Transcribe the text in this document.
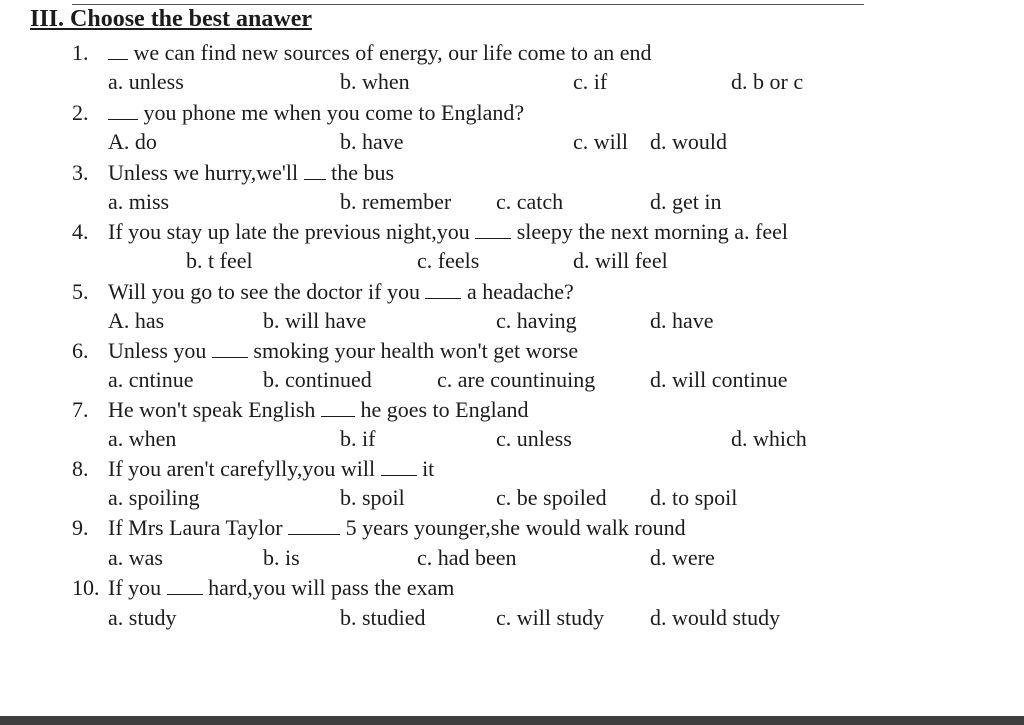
III. Choose the best anawer
1.	we can find new sources of energy, our life come to an end
a. unless	b. when	c. if	d. b or c
2.	you phone me when you come to England?
A. do	b. have	c. will d. would
3. Unless we hurry,we'll  the bus
a. miss	b. remember c. catch	d. get in
4. If you stay up late the previous night,you  sleepy the next morning a. feel
b. t feel	c. feels	d. will feel
5. Will you go to see the doctor if you  a headache?
A. has	b. will have	c. having	d. have
6. Unless you  smoking your health won't get worse
a. cntinue	b. continued	c. are countinuing d. will continue
7. He won't speak English  he goes to England
a. when	b. if	c. unless	d. which
8. If you aren't carefylly,you will  it
a. spoiling	b. spoil	c. be spoiled d. to spoil
9. If Mrs Laura Taylor  5 years younger,she would walk round
a. was	b. is	c. had been	d. were
10. If you  hard,you will pass the exam
a. study	b. studied	c. will study d. would study
